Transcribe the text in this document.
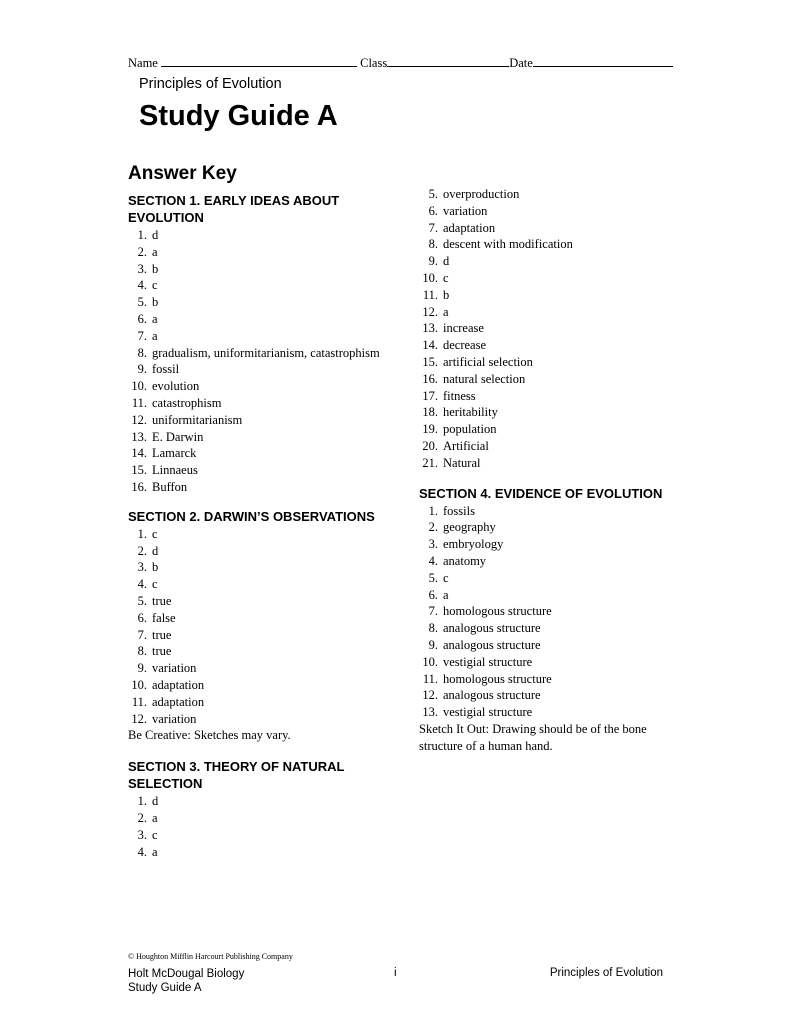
Name	Class	Date
Principles of Evolution
Study Guide A
Answer Key
SECTION 1. EARLY IDEAS ABOUT EVOLUTION
1. d
2. a
3. b
4. c
5. b
6. a
7. a
8. gradualism, uniformitarianism, catastrophism
9. fossil
10. evolution
11. catastrophism
12. uniformitarianism
13. E. Darwin
14. Lamarck
15. Linnaeus
16. Buffon
SECTION 2. DARWIN’S OBSERVATIONS
1. c
2. d
3. b
4. c
5. true
6. false
7. true
8. true
9. variation
10. adaptation
11. adaptation
12. variation
Be Creative: Sketches may vary.
SECTION 3. THEORY OF NATURAL SELECTION
1. d
2. a
3. c
4. a
5. overproduction
6. variation
7. adaptation
8. descent with modification
9. d
10. c
11. b
12. a
13. increase
14. decrease
15. artificial selection
16. natural selection
17. fitness
18. heritability
19. population
20. Artificial
21. Natural
SECTION 4. EVIDENCE OF EVOLUTION
1. fossils
2. geography
3. embryology
4. anatomy
5. c
6. a
7. homologous structure
8. analogous structure
9. analogous structure
10. vestigial structure
11. homologous structure
12. analogous structure
13. vestigial structure
Sketch It Out: Drawing should be of the bone structure of a human hand.
© Houghton Mifflin Harcourt Publishing Company
Holt McDougal Biology
Study Guide A
i	Principles of Evolution
